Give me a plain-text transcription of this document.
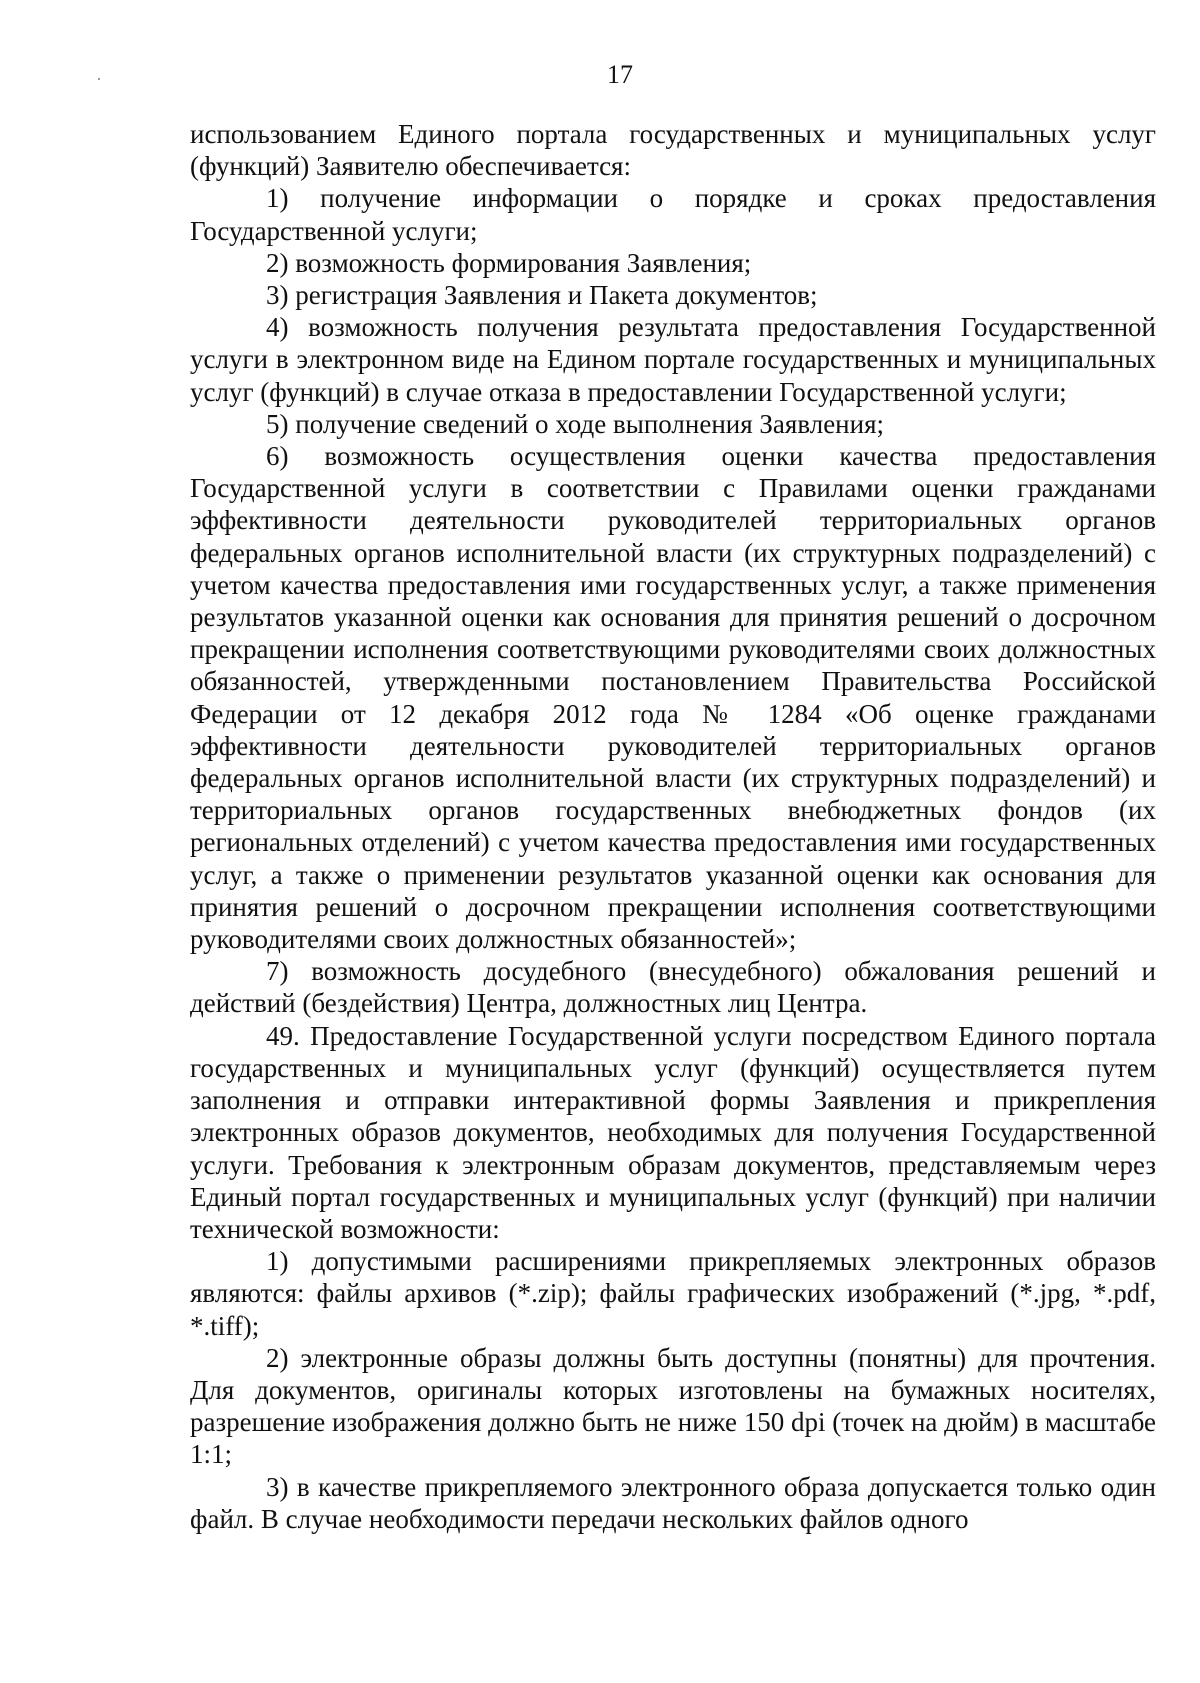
17

использованием Единого портала государственных и муниципальных услуг (функций) Заявителю обеспечивается:

1) получение информации о порядке и сроках предоставления Государственной услуги;

2) возможность формирования Заявления;

3) регистрация Заявления и Пакета документов;

4) возможность получения результата предоставления Государственной услуги в электронном виде на Едином портале государственных и муниципальных услуг (функций) в случае отказа в предоставлении Государственной услуги;

5) получение сведений о ходе выполнения Заявления;

6) возможность осуществления оценки качества предоставления Государственной услуги в соответствии с Правилами оценки гражданами эффективности деятельности руководителей территориальных органов федеральных органов исполнительной власти (их структурных подразделений) с учетом качества предоставления ими государственных услуг, а также применения результатов указанной оценки как основания для принятия решений о досрочном прекращении исполнения соответствующими руководителями своих должностных обязанностей, утвержденными постановлением Правительства Российской Федерации от 12 декабря 2012 года № 1284 «Об оценке гражданами эффективности деятельности руководителей территориальных органов федеральных органов исполнительной власти (их структурных подразделений) и территориальных органов государственных внебюджетных фондов (их региональных отделений) с учетом качества предоставления ими государственных услуг, а также о применении результатов указанной оценки как основания для принятия решений о досрочном прекращении исполнения соответствующими руководителями своих должностных обязанностей»;

7) возможность досудебного (внесудебного) обжалования решений и действий (бездействия) Центра, должностных лиц Центра.

49. Предоставление Государственной услуги посредством Единого портала государственных и муниципальных услуг (функций) осуществляется путем заполнения и отправки интерактивной формы Заявления и прикрепления электронных образов документов, необходимых для получения Государственной услуги. Требования к электронным образам документов, представляемым через Единый портал государственных и муниципальных услуг (функций) при наличии технической возможности:

1) допустимыми расширениями прикрепляемых электронных образов являются: файлы архивов (*.zip); файлы графических изображений (*.jpg, *.pdf, *.tiff);

2) электронные образы должны быть доступны (понятны) для прочтения. Для документов, оригиналы которых изготовлены на бумажных носителях, разрешение изображения должно быть не ниже 150 dpi (точек на дюйм) в масштабе 1:1;

3) в качестве прикрепляемого электронного образа допускается только один файл. В случае необходимости передачи нескольких файлов одного
